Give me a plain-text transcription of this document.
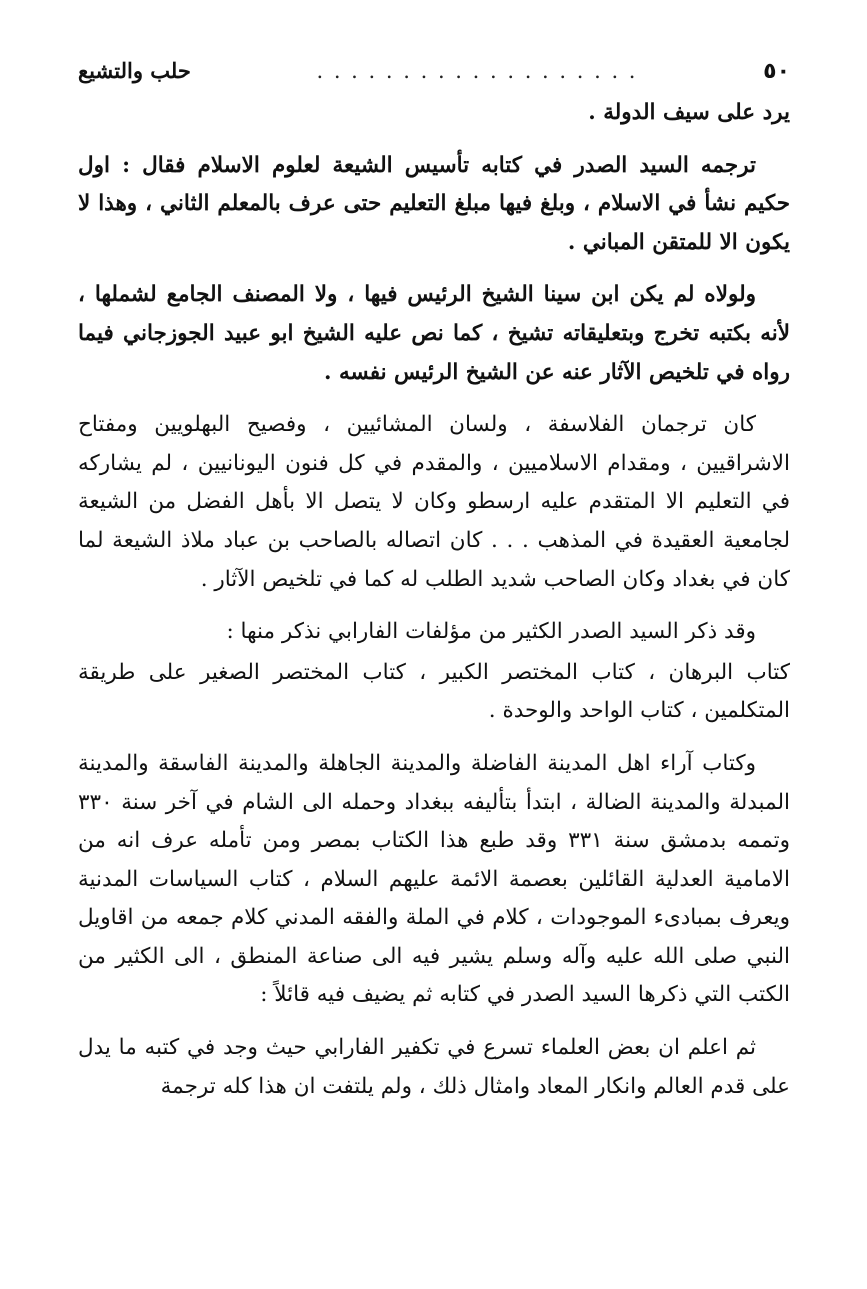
٥٠
. . . . . . . . . . . . . . . . . . .
حلب والتشيع

يرد على سيف الدولة .

ترجمه السيد الصدر في كتابه تأسيس الشيعة لعلوم الاسلام فقال : اول حكيم نشأ في الاسلام ، وبلغ فيها مبلغ التعليم حتى عرف بالمعلم الثاني ، وهذا لا يكون الا للمتقن المباني .

ولولاه لم يكن ابن سينا الشيخ الرئيس فيها ، ولا المصنف الجامع لشملها ، لأنه بكتبه تخرج وبتعليقاته تشيخ ، كما نص عليه الشيخ ابو عبيد الجوزجاني فيما رواه في تلخيص الآثار عنه عن الشيخ الرئيس نفسه .

كان ترجمان الفلاسفة ، ولسان المشائيين ، وفصيح البهلويين ومفتاح الاشراقيين ، ومقدام الاسلاميين ، والمقدم في كل فنون اليونانيين ، لم يشاركه في التعليم الا المتقدم عليه ارسطو وكان لا يتصل الا بأهل الفضل من الشيعة لجامعية العقيدة في المذهب . . . كان اتصاله بالصاحب بن عباد ملاذ الشيعة لما كان في بغداد وكان الصاحب شديد الطلب له كما في تلخيص الآثار .

وقد ذكر السيد الصدر الكثير من مؤلفات الفارابي نذكر منها :

كتاب البرهان ، كتاب المختصر الكبير ، كتاب المختصر الصغير على طريقة المتكلمين ، كتاب الواحد والوحدة .

وكتاب آراء اهل المدينة الفاضلة والمدينة الجاهلة والمدينة الفاسقة والمدينة المبدلة والمدينة الضالة ، ابتدأ بتأليفه ببغداد وحمله الى الشام في آخر سنة ٣٣٠ وتممه بدمشق سنة ٣٣١ وقد طبع هذا الكتاب بمصر ومن تأمله عرف انه من الامامية العدلية القائلين بعصمة الائمة عليهم السلام ، كتاب السياسات المدنية ويعرف بمبادىء الموجودات ، كلام في الملة والفقه المدني كلام جمعه من اقاويل النبي صلى الله عليه وآله وسلم يشير فيه الى صناعة المنطق ، الى الكثير من الكتب التي ذكرها السيد الصدر في كتابه ثم يضيف فيه قائلاً :

ثم اعلم ان بعض العلماء تسرع في تكفير الفارابي حيث وجد في كتبه ما يدل على قدم العالم وانكار المعاد وامثال ذلك ، ولم يلتفت ان هذا كله ترجمة
